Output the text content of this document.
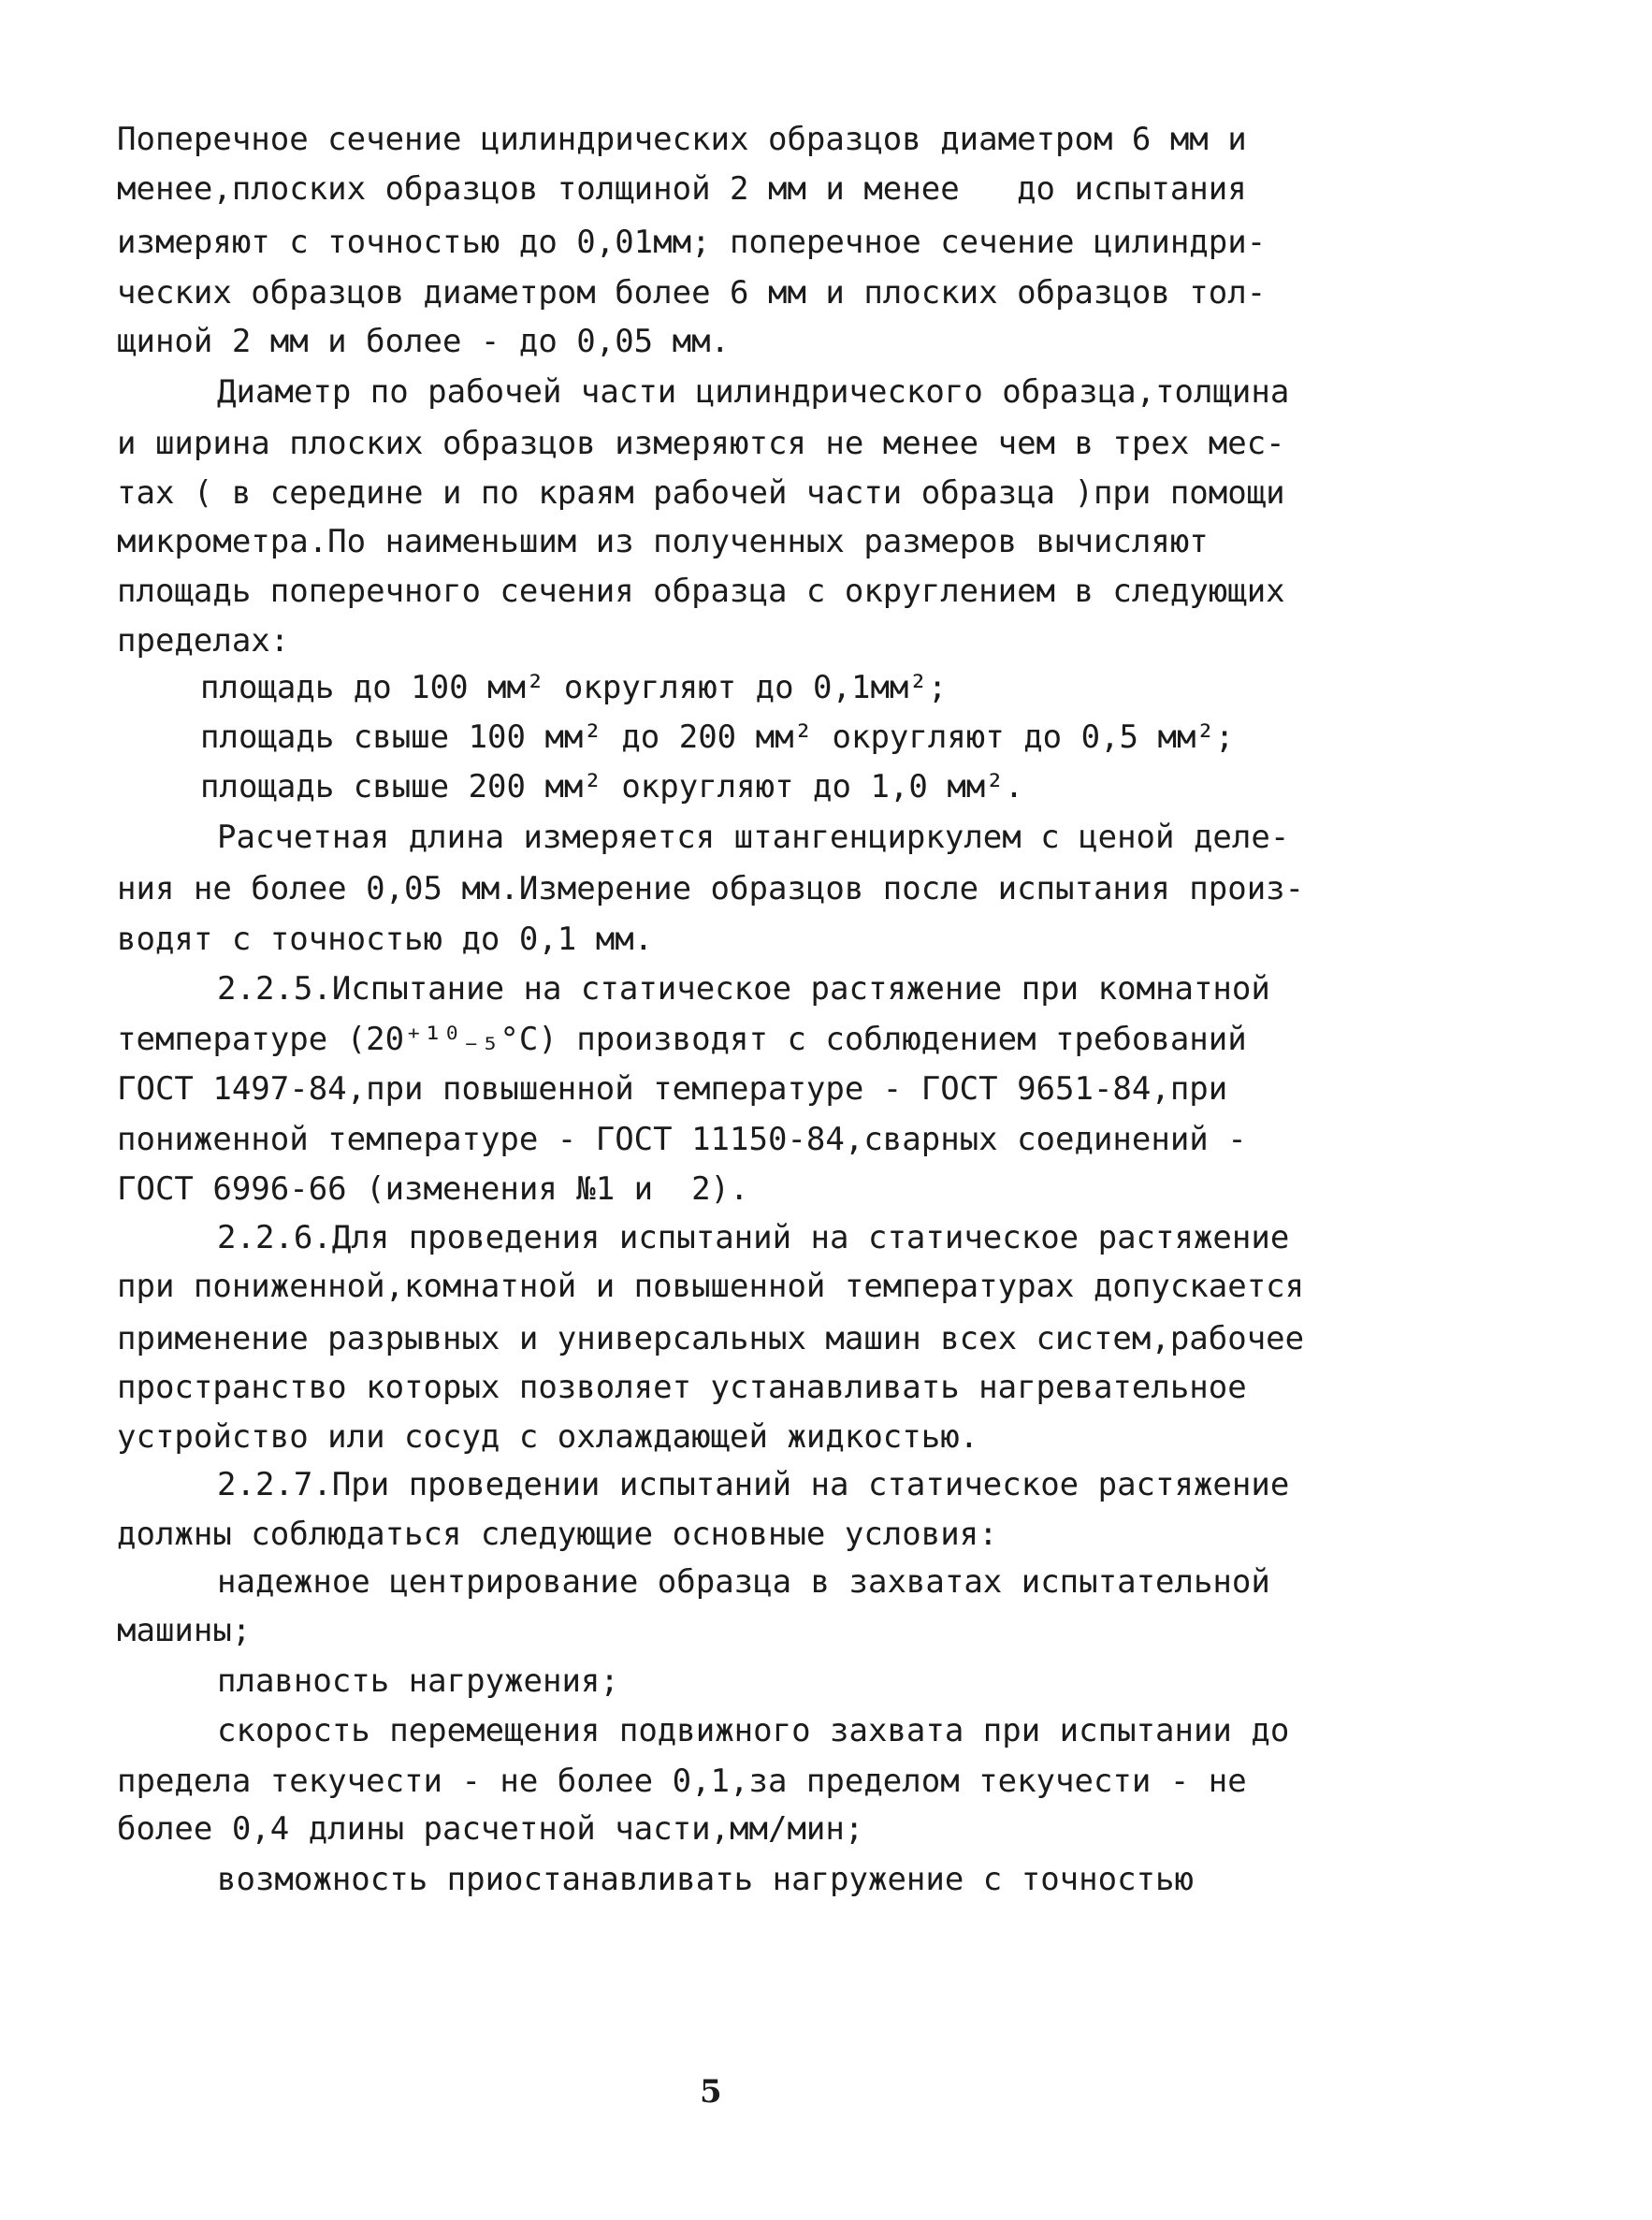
Поперечное сечение цилиндрических образцов диаметром 6 мм и

менее,плоских образцов толщиной 2 мм и менее   до испытания

измеряют с точностью до 0,01мм; поперечное сечение цилиндри-

ческих образцов диаметром более 6 мм и плоских образцов тол-

щиной 2 мм и более - до 0,05 мм.

Диаметр по рабочей части цилиндрического образца,толщина

и ширина плоских образцов измеряются не менее чем в трех мес-

тах ( в середине и по краям рабочей части образца )при помощи

микрометра.По наименьшим из полученных размеров вычисляют

площадь поперечного сечения образца с округлением в следующих

пределах:

площадь до 100 мм² округляют до 0,1мм²;

площадь свыше 100 мм² до 200 мм² округляют до 0,5 мм²;

площадь свыше 200 мм² округляют до 1,0 мм².

Расчетная длина измеряется штангенциркулем с ценой деле-

ния не более 0,05 мм.Измерение образцов после испытания произ-

водят с точностью до 0,1 мм.

2.2.5.Испытание на статическое растяжение при комнатной

температуре (20⁺¹⁰₋₅°C) производят с соблюдением требований

ГОСТ 1497-84,при повышенной температуре - ГОСТ 9651-84,при

пониженной температуре - ГОСТ 11150-84,сварных соединений -

ГОСТ 6996-66 (изменения №1 и  2).

2.2.6.Для проведения испытаний на статическое растяжение

при пониженной,комнатной и повышенной температурах допускается

применение разрывных и универсальных машин всех систем,рабочее

пространство которых позволяет устанавливать нагревательное

устройство или сосуд с охлаждающей жидкостью.

2.2.7.При проведении испытаний на статическое растяжение

должны соблюдаться следующие основные условия:

надежное центрирование образца в захватах испытательной

машины;

плавность нагружения;

скорость перемещения подвижного захвата при испытании до

предела текучести - не более 0,1,за пределом текучести - не

более 0,4 длины расчетной части,мм/мин;

возможность приостанавливать нагружение с точностью

5
